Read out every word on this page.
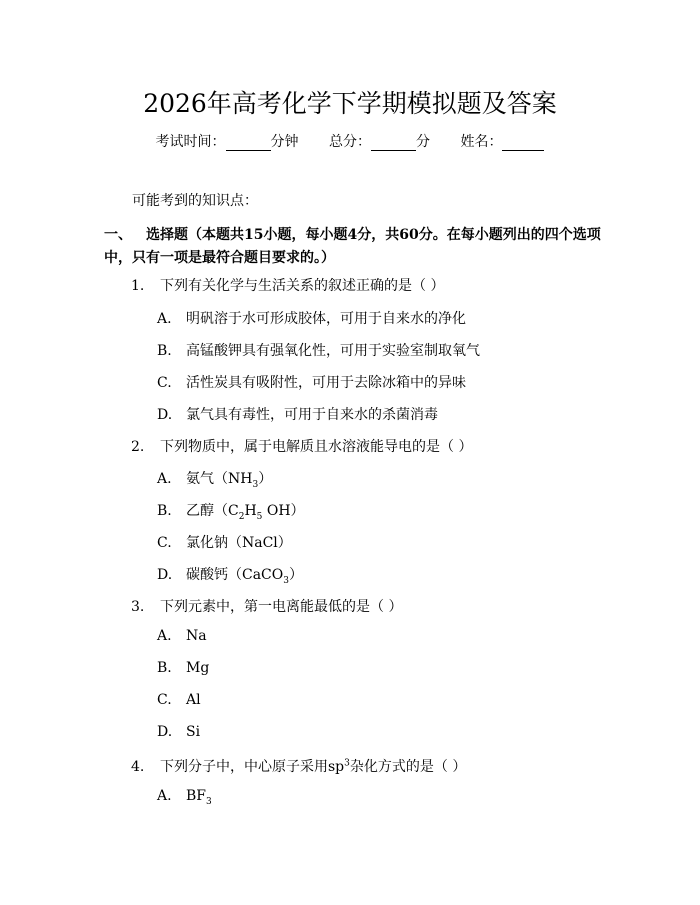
2026年高考化学下学期模拟题及答案
考试时间：	分钟 总分：	分 姓名：
可能考到的知识点：
一、 选择题（本题共15小题，每小题4分，共60分。在每小题列出的四个选项中，只有一项是最符合题目要求的。）
1. 下列有关化学与生活关系的叙述正确的是（ ）
A. 明矾溶于水可形成胶体，可用于自来水的净化
B. 高锰酸钾具有强氧化性，可用于实验室制取氧气
C. 活性炭具有吸附性，可用于去除冰箱中的异味
D. 氯气具有毒性，可用于自来水的杀菌消毒
2. 下列物质中，属于电解质且水溶液能导电的是（ ）
A. 氨气$(NH_3)$
B. 乙醇（$C_2H_5$ OH）
C. 氯化钠（NaCl）
D. 碳酸钙（CaCO$_3$）
3. 下列元素中，第一电离能最低的是（ ）
A. Na
B. Mg
C. Al
D. Si
4. 下列分子中，中心原子采用$sp^3$杂化方式的是（ ）
A. $BF_3$
